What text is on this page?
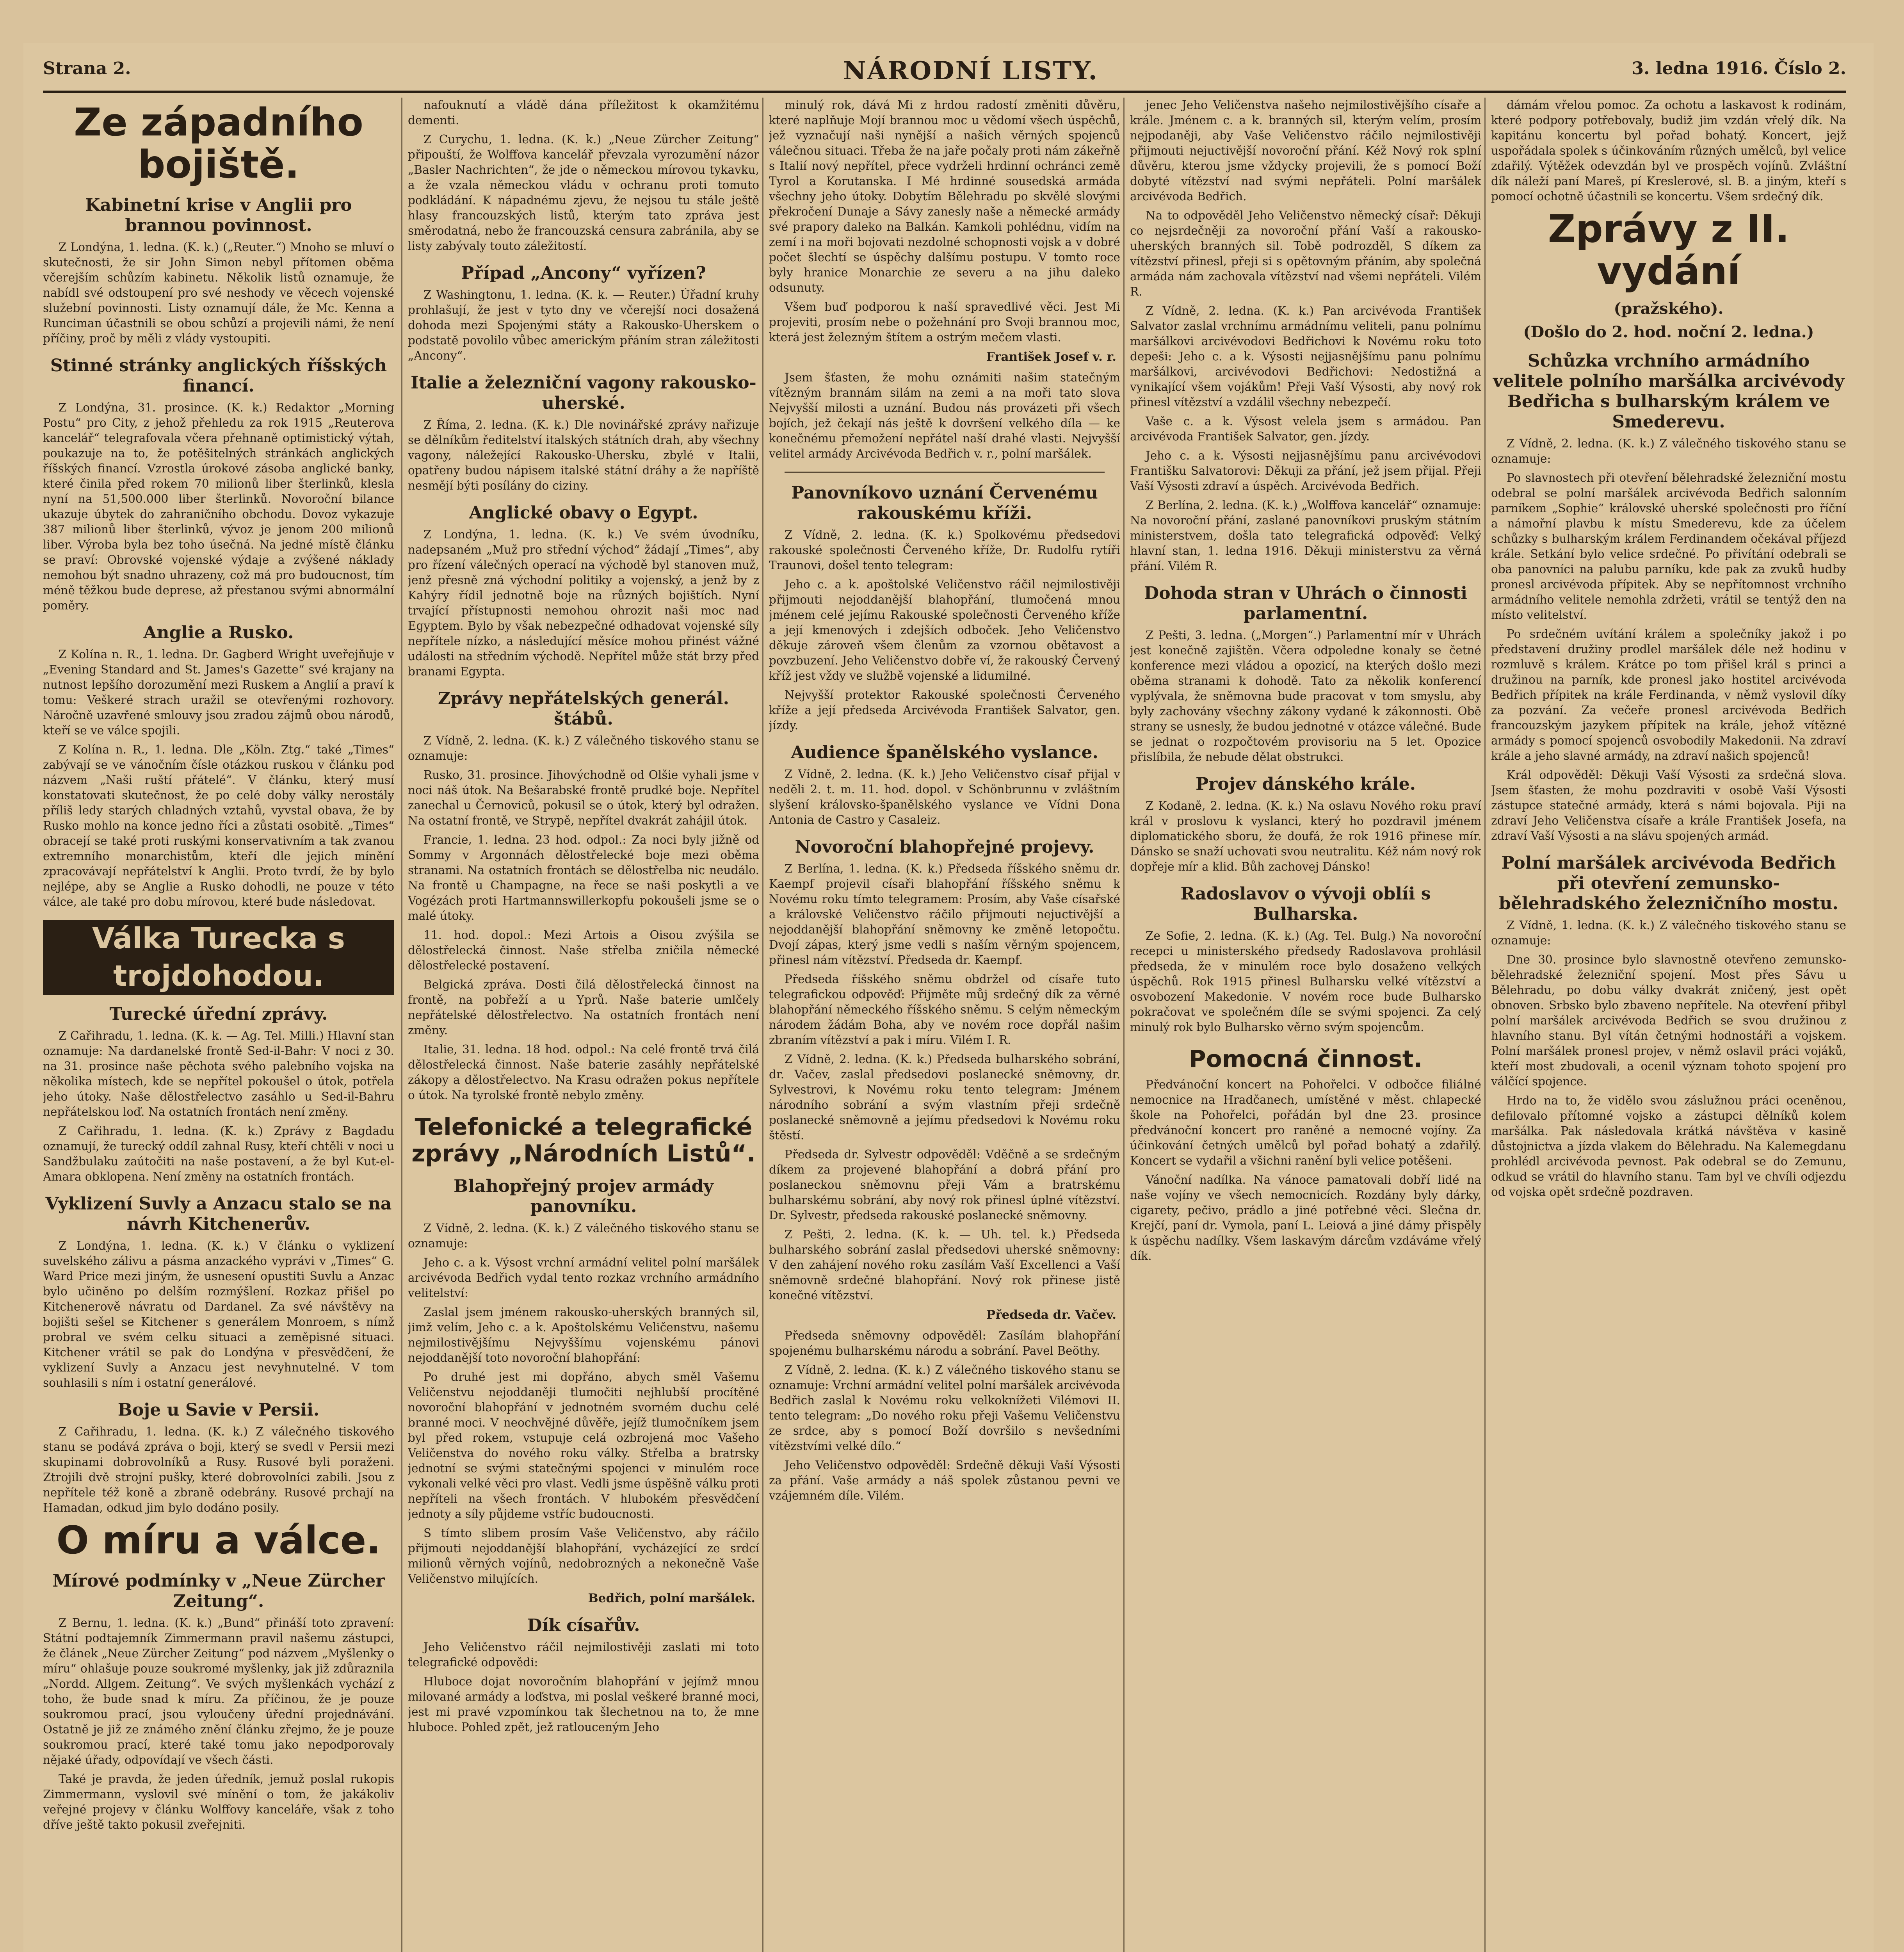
Strana 2.	NÁRODNÍ LISTY.	3. ledna 1916. Číslo 2.
Ze západního bojiště.
Kabinetní krise v Anglii pro brannou povinnost.

Z Londýna, 1. ledna. (K. k.) („Reuter.“) Mnoho se mluví o skutečnosti, že sir John Simon nebyl přítomen oběma včerejším schůzím kabinetu. Několik listů oznamuje, že nabídl své odstoupení pro své neshody ve věcech vojenské služební povinnosti. Listy oznamují dále, že Mc. Kenna a Runciman účastnili se obou schůzí a projevili námi, že není příčiny, proč by měli z vlády vystoupiti.

Stinné stránky anglických říšských financí.

Z Londýna, 31. prosince. (K. k.) Redaktor „Morning Postu“ pro City, z jehož přehledu za rok 1915 „Reuterova kancelář“ telegrafovala včera přehnaně optimistický výtah, poukazuje na to, že potěšitelných stránkách anglických říšských financí. Vzrostla úrokové zásoba anglické banky, které činila před rokem 70 milionů liber šterlinků, klesla nyní na 51,500.000 liber šterlinků. Novoroční bilance ukazuje úbytek do zahraničního obchodu. Dovoz vykazuje 387 milionů liber šterlinků, vývoz je jenom 200 milionů liber. Výroba byla bez toho úsečná. Na jedné místě článku se praví: Obrovské vojenské výdaje a zvýšené náklady nemohou být snadno uhrazeny, což má pro budoucnost, tím méně těžkou bude deprese, až přestanou svými abnormální poměry.

Anglie a Rusko.

Z Kolína n. R., 1. ledna. Dr. Gagberd Wright uveřejňuje v „Evening Standard and St. James's Gazette“ své krajany na nutnost lepšího dorozumění mezi Ruskem a Anglií a praví k tomu: Veškeré strach uražil se otevřenými rozhovory. Náročně uzavřené smlouvy jsou zradou zájmů obou národů, kteří se ve válce spojili.

Z Kolína n. R., 1. ledna. Dle „Köln. Ztg.“ také „Times“ zabývají se ve vánočním čísle otázkou ruskou v článku pod názvem „Naši ruští přátelé“. V článku, který musí konstatovati skutečnost, že po celé doby války nerostály příliš ledy starých chladných vztahů, vyvstal obava, že by Rusko mohlo na konce jedno říci a zůstati osobitě. „Times“ obracejí se také proti ruskými konservativním a tak zvanou extremního monarchistům, kteří dle jejich mínění zpracovávají nepřátelství k Anglii. Proto tvrdí, že by bylo nejlépe, aby se Anglie a Rusko dohodli, ne pouze v této válce, ale také pro dobu mírovou, které bude následovat.

Válka Turecka s trojdohodou.
Turecké úřední zprávy.

Z Cařihradu, 1. ledna. (K. k. — Ag. Tel. Milli.) Hlavní stan oznamuje: Na dardanelské frontě Sed-il-Bahr: V noci z 30. na 31. prosince naše pěchota svého palebního vojska na několika místech, kde se nepřítel pokoušel o útok, potřela jeho útoky. Naše dělostřelectvo zasáhlo u Sed-il-Bahru nepřátelskou loď. Na ostatních frontách není změny.

Z Cařihradu, 1. ledna. (K. k.) Zprávy z Bagdadu oznamují, že turecký oddíl zahnal Rusy, kteří chtěli v noci u Sandžbulaku zaútočiti na naše postavení, a že byl Kut-el-Amara obklopena. Není změny na ostatních frontách.

Vyklizení Suvly a Anzacu stalo se na návrh Kitchenerův.

Z Londýna, 1. ledna. (K. k.) V článku o vyklizení suvelského zálivu a pásma anzackého vyprávi v „Times“ G. Ward Price mezi jiným, že usnesení opustiti Suvlu a Anzac bylo učiněno po delším rozmýšlení. Rozkaz přišel po Kitchenerově návratu od Dardanel. Za své návštěvy na bojišti sešel se Kitchener s generálem Monroem, s nímž probral ve svém celku situaci a zeměpisné situaci. Kitchener vrátil se pak do Londýna v přesvědčení, že vyklizení Suvly a Anzacu jest nevyhnutelné. V tom souhlasili s ním i ostatní generálové.

Boje u Savie v Persii.

Z Cařihradu, 1. ledna. (K. k.) Z válečného tiskového stanu se podává zpráva o boji, který se svedl v Persii mezi skupinami dobrovolníků a Rusy. Rusové byli poraženi. Ztrojili dvě strojní pušky, které dobrovolníci zabili. Jsou z nepřítele též koně a zbraně odebrány. Rusové prchají na Hamadan, odkud jim bylo dodáno posily.

O míru a válce.
Mírové podmínky v „Neue Zürcher Zeitung“.

Z Bernu, 1. ledna. (K. k.) „Bund“ přináší toto zpravení: Státní podtajemník Zimmermann pravil našemu zástupci, že článek „Neue Zürcher Zeitung“ pod názvem „Myšlenky o míru“ ohlašuje pouze soukromé myšlenky, jak již zdůraznila „Nordd. Allgem. Zeitung“. Ve svých myšlenkách vychází z toho, že bude snad k míru. Za příčinou, že je pouze soukromou prací, jsou vyloučeny úřední projednávání. Ostatně je již ze známého znění článku zřejmo, že je pouze soukromou prací, které také tomu jako nepodporovaly nějaké úřady, odpovídají ve všech části.

Také je pravda, že jeden úředník, jemuž poslal rukopis Zimmermann, vyslovil své mínění o tom, že jakákoliv veřejné projevy v článku Wolffovy kanceláře, však z toho dříve ještě takto pokusil zveřejniti.

nafouknutí a vládě dána příležitost k okamžitému dementi.

Z Curychu, 1. ledna. (K. k.) „Neue Zürcher Zeitung“ připouští, že Wolffova kancelář převzala vyrozumění názor „Basler Nachrichten“, že jde o německou mírovou tykavku, a že vzala německou vládu v ochranu proti tomuto podkládání. K nápadnému zjevu, že nejsou tu stále ještě hlasy francouzských listů, kterým tato zpráva jest směrodatná, nebo že francouzská censura zabránila, aby se listy zabývaly touto záležitostí.

Případ „Ancony“ vyřízen?

Z Washingtonu, 1. ledna. (K. k. — Reuter.) Úřadní kruhy prohlašují, že jest v tyto dny ve včerejší noci dosažená dohoda mezi Spojenými státy a Rakousko-Uherskem o podstatě povolilo vůbec americkým přáním stran záležitosti „Ancony“.

Italie a železniční vagony rakousko-uherské.

Z Říma, 2. ledna. (K. k.) Dle novinářské zprávy nařizuje se dělníkům ředitelství italských státních drah, aby všechny vagony, náležející Rakousko-Uhersku, zbylé v Italii, opatřeny budou nápisem italské státní dráhy a že napříště nesmějí býti posílány do ciziny.

Anglické obavy o Egypt.

Z Londýna, 1. ledna. (K. k.) Ve svém úvodníku, nadepsaném „Muž pro střední východ“ žádají „Times“, aby pro řízení válečných operací na východě byl stanoven muž, jenž přesně zná východní politiky a vojenský, a jenž by z Kahýry řídil jednotně boje na různých bojištích. Nyní trvající přístupnosti nemohou ohrozit naši moc nad Egyptem. Bylo by však nebezpečné odhadovat vojenské síly nepřítele nízko, a následující měsíce mohou přinést vážné události na středním východě. Nepřítel může stát brzy před branami Egypta.

Zprávy nepřátelských generál. štábů.

Z Vídně, 2. ledna. (K. k.) Z válečného tiskového stanu se oznamuje:

Rusko, 31. prosince. Jihovýchodně od Olšie vyhali jsme v noci náš útok. Na Bešarabské frontě prudké boje. Nepřítel zanechal u Černoviců, pokusil se o útok, který byl odražen. Na ostatní frontě, ve Strypě, nepřítel dvakrát zahájil útok.

Francie, 1. ledna. 23 hod. odpol.: Za noci byly jižně od Sommy v Argonnách dělostřelecké boje mezi oběma stranami. Na ostatních frontách se dělostřelba nic neudálo. Na frontě u Champagne, na řece se naši poskytli a ve Vogézách proti Hartmannswillerkopfu pokoušeli jsme se o malé útoky.

11. hod. dopol.: Mezi Artois a Oisou zvýšila se dělostřelecká činnost. Naše střelba zničila německé dělostřelecké postavení.

Belgická zpráva. Dosti čilá dělostřelecká činnost na frontě, na pobřeží a u Yprů. Naše baterie umlčely nepřátelské dělostřelectvo. Na ostatních frontách není změny.

Italie, 31. ledna. 18 hod. odpol.: Na celé frontě trvá čilá dělostřelecká činnost. Naše baterie zasáhly nepřátelské zákopy a dělostřelectvo. Na Krasu odražen pokus nepřítele o útok. Na tyrolské frontě nebylo změny.

Telefonické a telegrafické zprávy „Národních Listů“.
Blahopřejný projev armády panovníku.

Z Vídně, 2. ledna. (K. k.) Z válečného tiskového stanu se oznamuje:

Jeho c. a k. Výsost vrchní armádní velitel polní maršálek arcivévoda Bedřich vydal tento rozkaz vrchního armádního velitelství:

Zaslal jsem jménem rakousko-uherských branných sil, jimž velím, Jeho c. a k. Apoštolskému Veličenstvu, našemu nejmilostivějšímu Nejvyššímu vojenskému pánovi nejoddanější toto novoroční blahopřání:

Po druhé jest mi dopřáno, abych směl Vašemu Veličenstvu nejoddaněji tlumočiti nejhlubší procítěné novoroční blahopřání v jednotném svorném duchu celé branné moci. V neochvějné důvěře, jejíž tlumočníkem jsem byl před rokem, vstupuje celá ozbrojená moc Vašeho Veličenstva do nového roku války. Střelba a bratrsky jednotní se svými statečnými spojenci v minulém roce vykonali velké věci pro vlast. Vedli jsme úspěšně válku proti nepříteli na všech frontách. V hlubokém přesvědčení jednoty a síly půjdeme vstříc budoucnosti.

S tímto slibem prosím Vaše Veličenstvo, aby ráčilo přijmouti nejoddanější blahopřání, vycházející ze srdcí milionů věrných vojínů, nedobrozných a nekonečně Vaše Veličenstvo milujících.

Bedřich, polní maršálek.
Dík císařův.

Jeho Veličenstvo ráčil nejmilostivěji zaslati mi toto telegrafické odpovědi:

Hluboce dojat novoročním blahopřání v jejímž mnou milované armády a loďstva, mi poslal veškeré branné moci, jest mi pravé vzpomínkou tak šlechetnou na to, že mne hluboce. Pohled zpět, jež ratlouceným Jeho

minulý rok, dává Mi z hrdou radostí změniti důvěru, které naplňuje Mojí brannou moc u vědomí všech úspěchů, jež vyznačují naši nynější a našich věrných spojenců válečnou situaci. Třeba že na jaře počaly proti nám zákeřně s Italií nový nepřítel, přece vydrželi hrdinní ochránci země Tyrol a Korutanska. I Mé hrdinné sousedská armáda všechny jeho útoky. Dobytím Bělehradu po skvělé slovými překročení Dunaje a Sávy zanesly naše a německé armády své prapory daleko na Balkán. Kamkoli pohlédnu, vidím na zemí i na moři bojovati nezdolné schopnosti vojsk a v dobré počet šlechtí se úspěchy dalšímu postupu. V tomto roce byly hranice Monarchie ze severu a na jihu daleko odsunuty.

Všem buď podporou k naší spravedlivé věci. Jest Mi projeviti, prosím nebe o požehnání pro Svoji brannou moc, která jest železným štítem a ostrým mečem vlasti.

František Josef v. r.

Jsem šťasten, že mohu oznámiti našim statečným vítězným brannám silám na zemi a na moři tato slova Nejvyšší milosti a uznání. Budou nás provázeti při všech bojích, jež čekají nás ještě k dovršení velkého díla — ke konečnému přemožení nepřátel naší drahé vlasti. Nejvyšší velitel armády Arcivévoda Bedřich v. r., polní maršálek.

Panovníkovo uznání Červenému rakouskému kříži.

Z Vídně, 2. ledna. (K. k.) Spolkovému předsedovi rakouské společnosti Červeného kříže, Dr. Rudolfu rytíři Traunovi, došel tento telegram:

Jeho c. a k. apoštolské Veličenstvo ráčil nejmilostivěji přijmouti nejoddanější blahopřání, tlumočená mnou jménem celé jejímu Rakouské společnosti Červeného kříže a její kmenových i zdejších odboček. Jeho Veličenstvo děkuje zároveň všem členům za vzornou obětavost a povzbuzení. Jeho Veličenstvo dobře ví, že rakouský Červený kříž jest vždy ve službě vojenské a lidumilné.

Nejvyšší protektor Rakouské společnosti Červeného kříže a její předseda Arcivévoda František Salvator, gen. jízdy.

Audience španělského vyslance.

Z Vídně, 2. ledna. (K. k.) Jeho Veličenstvo císař přijal v neděli 2. t. m. 11. hod. dopol. v Schönbrunnu v zvláštním slyšení královsko-španělského vyslance ve Vídni Dona Antonia de Castro y Casaleiz.

Novoroční blahopřejné projevy.

Z Berlína, 1. ledna. (K. k.) Předseda říšského sněmu dr. Kaempf projevil císaři blahopřání říšského sněmu k Novému roku tímto telegramem: Prosím, aby Vaše císařské a královské Veličenstvo ráčilo přijmouti nejuctivější a nejoddanější blahopřání sněmovny ke změně letopočtu. Dvojí zápas, který jsme vedli s naším věrným spojencem, přinesl nám vítězství. Předseda dr. Kaempf.

Předseda říšského sněmu obdržel od císaře tuto telegrafickou odpověď: Přijměte můj srdečný dík za věrné blahopřání německého říšského sněmu. S celým německým národem žádám Boha, aby ve novém roce dopřál našim zbraním vítězství a pak i míru. Vilém I. R.

Z Vídně, 2. ledna. (K. k.) Předseda bulharského sobrání, dr. Vačev, zaslal předsedovi poslanecké sněmovny, dr. Sylvestrovi, k Novému roku tento telegram: Jménem národního sobrání a svým vlastním přeji srdečně poslanecké sněmovně a jejímu předsedovi k Novému roku štěstí.

Předseda dr. Sylvestr odpověděl: Vděčně a se srdečným díkem za projevené blahopřání a dobrá přání pro poslaneckou sněmovnu přeji Vám a bratrskému bulharskému sobrání, aby nový rok přinesl úplné vítězství. Dr. Sylvestr, předseda rakouské poslanecké sněmovny.

Z Pešti, 2. ledna. (K. k. — Uh. tel. k.) Předseda bulharského sobrání zaslal předsedovi uherské sněmovny: V den zahájení nového roku zasílám Vaší Excellenci a Vaší sněmovně srdečné blahopřání. Nový rok přinese jistě konečné vítězství.

Předseda dr. Vačev.

Předseda sněmovny odpověděl: Zasílám blahopřání spojenému bulharskému národu a sobrání. Pavel Beöthy.

Z Vídně, 2. ledna. (K. k.) Z válečného tiskového stanu se oznamuje: Vrchní armádní velitel polní maršálek arcivévoda Bedřich zaslal k Novému roku velkoknížeti Vilémovi II. tento telegram: „Do nového roku přeji Vašemu Veličenstvu ze srdce, aby s pomocí Boží dovršilo s nevšedními vítězstvími velké dílo.“

Jeho Veličenstvo odpověděl: Srdečně děkuji Vaší Výsosti za přání. Vaše armády a náš spolek zůstanou pevni ve vzájemném díle. Vilém.

jenec Jeho Veličenstva našeho nejmilostivějšího císaře a krále. Jménem c. a k. branných sil, kterým velím, prosím nejpodaněji, aby Vaše Veličenstvo ráčilo nejmilostivěji přijmouti nejuctivější novoroční přání. Kéž Nový rok splní důvěru, kterou jsme vždycky projevili, že s pomocí Boží dobyté vítězství nad svými nepřáteli. Polní maršálek arcivévoda Bedřich.

Na to odpověděl Jeho Veličenstvo německý císař: Děkuji co nejsrdečněji za novoroční přání Vaší a rakousko-uherských branných sil. Tobě podrozděl, S díkem za vítězství přinesl, přeji si s opětovným přáním, aby společná armáda nám zachovala vítězství nad všemi nepřáteli. Vilém R.

Z Vídně, 2. ledna. (K. k.) Pan arcivévoda František Salvator zaslal vrchnímu armádnímu veliteli, panu polnímu maršálkovi arcivévodovi Bedřichovi k Novému roku toto depeši: Jeho c. a k. Výsosti nejjasnějšímu panu polnímu maršálkovi, arcivévodovi Bedřichovi: Nedostižná a vynikající všem vojákům! Přeji Vaší Výsosti, aby nový rok přinesl vítězství a vzdálil všechny nebezpečí.

Vaše c. a k. Výsost velela jsem s armádou. Pan arcivévoda František Salvator, gen. jízdy.

Jeho c. a k. Výsosti nejjasnějšímu panu arcivévodovi Františku Salvatorovi: Děkuji za přání, jež jsem přijal. Přeji Vaší Výsosti zdraví a úspěch. Arcivévoda Bedřich.

Z Berlína, 2. ledna. (K. k.) „Wolffova kancelář“ oznamuje: Na novoroční přání, zaslané panovníkovi pruským státním ministerstvem, došla tato telegrafická odpověď: Velký hlavní stan, 1. ledna 1916. Děkuji ministerstvu za věrná přání. Vilém R.

Dohoda stran v Uhrách o činnosti parlamentní.

Z Pešti, 3. ledna. („Morgen“.) Parlamentní mír v Uhrách jest konečně zajištěn. Včera odpoledne konaly se četné konference mezi vládou a opozicí, na kterých došlo mezi oběma stranami k dohodě. Tato za několik konferencí vyplývala, že sněmovna bude pracovat v tom smyslu, aby byly zachovány všechny zákony vydané k zákonnosti. Obě strany se usnesly, že budou jednotné v otázce válečné. Bude se jednat o rozpočtovém provisoriu na 5 let. Opozice přislíbila, že nebude dělat obstrukci.

Projev dánského krále.

Z Kodaně, 2. ledna. (K. k.) Na oslavu Nového roku praví král v proslovu k vyslanci, který ho pozdravil jménem diplomatického sboru, že doufá, že rok 1916 přinese mír. Dánsko se snaží uchovati svou neutralitu. Kéž nám nový rok dopřeje mír a klid. Bůh zachovej Dánsko!

Radoslavov o vývoji oblíi s Bulharska.

Ze Sofie, 2. ledna. (K. k.) (Ag. Tel. Bulg.) Na novoroční recepci u ministerského předsedy Radoslavova prohlásil předseda, že v minulém roce bylo dosaženo velkých úspěchů. Rok 1915 přinesl Bulharsku velké vítězství a osvobození Makedonie. V novém roce bude Bulharsko pokračovat ve společném díle se svými spojenci. Za celý minulý rok bylo Bulharsko věrno svým spojencům.

Pomocná činnost.

Předvánoční koncert na Pohořelci. V odbočce filiálné nemocnice na Hradčanech, umístěné v měst. chlapecké škole na Pohořelci, pořádán byl dne 23. prosince předvánoční koncert pro raněné a nemocné vojíny. Za účinkování četných umělců byl pořad bohatý a zdařilý. Koncert se vydařil a všichni ranění byli velice potěšeni.

Vánoční nadílka. Na vánoce pamatovali dobří lidé na naše vojíny ve všech nemocnicích. Rozdány byly dárky, cigarety, pečivo, prádlo a jiné potřebné věci. Slečna dr. Krejčí, paní dr. Vymola, paní L. Leiová a jiné dámy přispěly k úspěchu nadílky. Všem laskavým dárcům vzdáváme vřelý dík.

dámám vřelou pomoc. Za ochotu a laskavost k rodinám, které podpory potřebovaly, budiž jim vzdán vřelý dík. Na kapitánu koncertu byl pořad bohatý. Koncert, jejž uspořádala spolek s účinkováním různých umělců, byl velice zdařilý. Výtěžek odevzdán byl ve prospěch vojínů. Zvláštní dík náleží paní Mareš, pí Kreslerové, sl. B. a jiným, kteří s pomocí ochotně účastnili se koncertu. Všem srdečný dík.

Zprávy z II. vydání
(pražského).
(Došlo do 2. hod. noční 2. ledna.)
Schůzka vrchního armádního velitele polního maršálka arcivévody Bedřicha s bulharským králem ve Smederevu.

Z Vídně, 2. ledna. (K. k.) Z válečného tiskového stanu se oznamuje:

Po slavnostech při otevření bělehradské železniční mostu odebral se polní maršálek arcivévoda Bedřich salonním parníkem „Sophie“ královské uherské společnosti pro říční a námořní plavbu k místu Smederevu, kde za účelem schůzky s bulharským králem Ferdinandem očekával příjezd krále. Setkání bylo velice srdečné. Po přivítání odebrali se oba panovníci na palubu parníku, kde pak za zvuků hudby pronesl arcivévoda přípitek. Aby se nepřítomnost vrchního armádního velitele nemohla zdržeti, vrátil se tentýž den na místo velitelství.

Po srdečném uvítání králem a společníky jakož i po představení družiny prodlel maršálek déle než hodinu v rozmluvě s králem. Krátce po tom přišel král s princi a družinou na parník, kde pronesl jako hostitel arcivévoda Bedřich přípitek na krále Ferdinanda, v němž vyslovil díky za pozvání. Za večeře pronesl arcivévoda Bedřich francouzským jazykem přípitek na krále, jehož vítězné armády s pomocí spojenců osvobodily Makedonii. Na zdraví krále a jeho slavné armády, na zdraví našich spojenců!

Král odpověděl: Děkuji Vaší Výsosti za srdečná slova. Jsem šťasten, že mohu pozdraviti v osobě Vaší Výsosti zástupce statečné armády, která s námi bojovala. Piji na zdraví Jeho Veličenstva císaře a krále František Josefa, na zdraví Vaší Výsosti a na slávu spojených armád.

Polní maršálek arcivévoda Bedřich při otevření zemunsko-bělehradského železničního mostu.

Z Vídně, 1. ledna. (K. k.) Z válečného tiskového stanu se oznamuje:

Dne 30. prosince bylo slavnostně otevřeno zemunsko-bělehradské železniční spojení. Most přes Sávu u Bělehradu, po dobu války dvakrát zničený, jest opět obnoven. Srbsko bylo zbaveno nepřítele. Na otevření přibyl polní maršálek arcivévoda Bedřich se svou družinou z hlavního stanu. Byl vítán četnými hodnostáři a vojskem. Polní maršálek pronesl projev, v němž oslavil práci vojáků, kteří most zbudovali, a ocenil význam tohoto spojení pro válčící spojence.

Hrdo na to, že vidělo svou záslužnou práci oceněnou, defilovalo přítomné vojsko a zástupci dělníků kolem maršálka. Pak následovala krátká návštěva v kasině důstojnictva a jízda vlakem do Bělehradu. Na Kalemegdanu prohlédl arcivévoda pevnost. Pak odebral se do Zemunu, odkud se vrátil do hlavního stanu. Tam byl ve chvíli odjezdu od vojska opět srdečně pozdraven.
